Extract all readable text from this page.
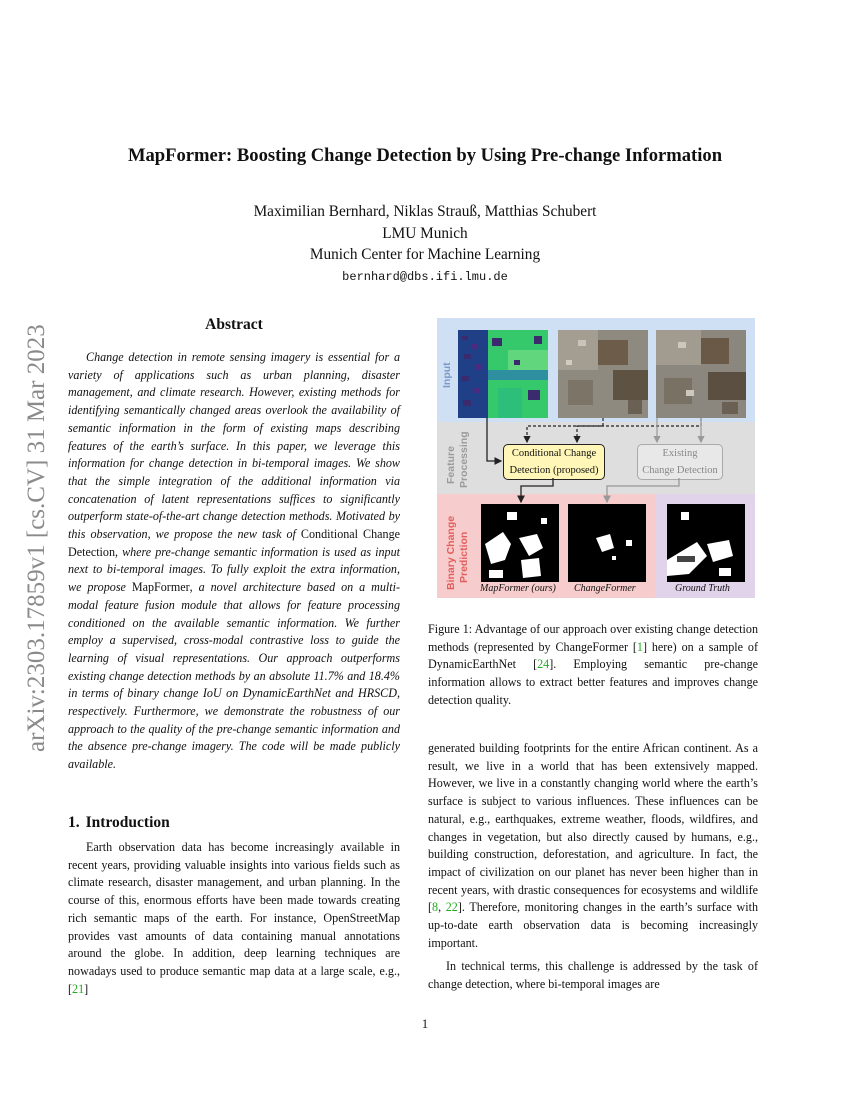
arXiv:2303.17859v1 [cs.CV] 31 Mar 2023
MapFormer: Boosting Change Detection by Using Pre-change Information
Maximilian Bernhard, Niklas Strauß, Matthias Schubert
LMU Munich
Munich Center for Machine Learning
bernhard@dbs.ifi.lmu.de
Abstract
Change detection in remote sensing imagery is essential for a variety of applications such as urban planning, disaster management, and climate research. However, existing methods for identifying semantically changed areas overlook the availability of semantic information in the form of existing maps describing features of the earth’s surface. In this paper, we leverage this information for change detection in bi-temporal images. We show that the simple integration of the additional information via concatenation of latent representations suffices to significantly outperform state-of-the-art change detection methods. Motivated by this observation, we propose the new task of Conditional Change Detection, where pre-change semantic information is used as input next to bi-temporal images. To fully exploit the extra information, we propose MapFormer, a novel architecture based on a multi-modal feature fusion module that allows for feature processing conditioned on the available semantic information. We further employ a supervised, cross-modal contrastive loss to guide the learning of visual representations. Our approach outperforms existing change detection methods by an absolute 11.7% and 18.4% in terms of binary change IoU on DynamicEarthNet and HRSCD, respectively. Furthermore, we demonstrate the robustness of our approach to the quality of the pre-change semantic information and the absence pre-change imagery. The code will be made publicly available.
1. Introduction
Earth observation data has become increasingly available in recent years, providing valuable insights into various fields such as climate research, disaster management, and urban planning. In the course of this, enormous efforts have been made towards creating rich semantic maps of the earth. For instance, OpenStreetMap provides vast amounts of data containing manual annotations around the globe. In addition, deep learning techniques are nowadays used to produce semantic map data at a large scale, e.g., [21]
Input
Feature Processing
Binary Change Prediction
Conditional Change
Detection (proposed)
Existing
Change Detection
MapFormer (ours) ChangeFormer	Ground Truth
Figure 1: Advantage of our approach over existing change detection methods (represented by ChangeFormer [1] here) on a sample of DynamicEarthNet [24]. Employing semantic pre-change information allows to extract better features and improves change detection quality.
generated building footprints for the entire African continent. As a result, we live in a world that has been extensively mapped. However, we live in a constantly changing world where the earth’s surface is subject to various influences. These influences can be natural, e.g., earthquakes, extreme weather, floods, wildfires, and changes in vegetation, but also directly caused by humans, e.g., building construction, deforestation, and agriculture. In fact, the impact of civilization on our planet has never been higher than in recent years, with drastic consequences for ecosystems and wildlife [8, 22]. Therefore, monitoring changes in the earth’s surface with up-to-date earth observation data is becoming increasingly important.
In technical terms, this challenge is addressed by the task of change detection, where bi-temporal images are
1
